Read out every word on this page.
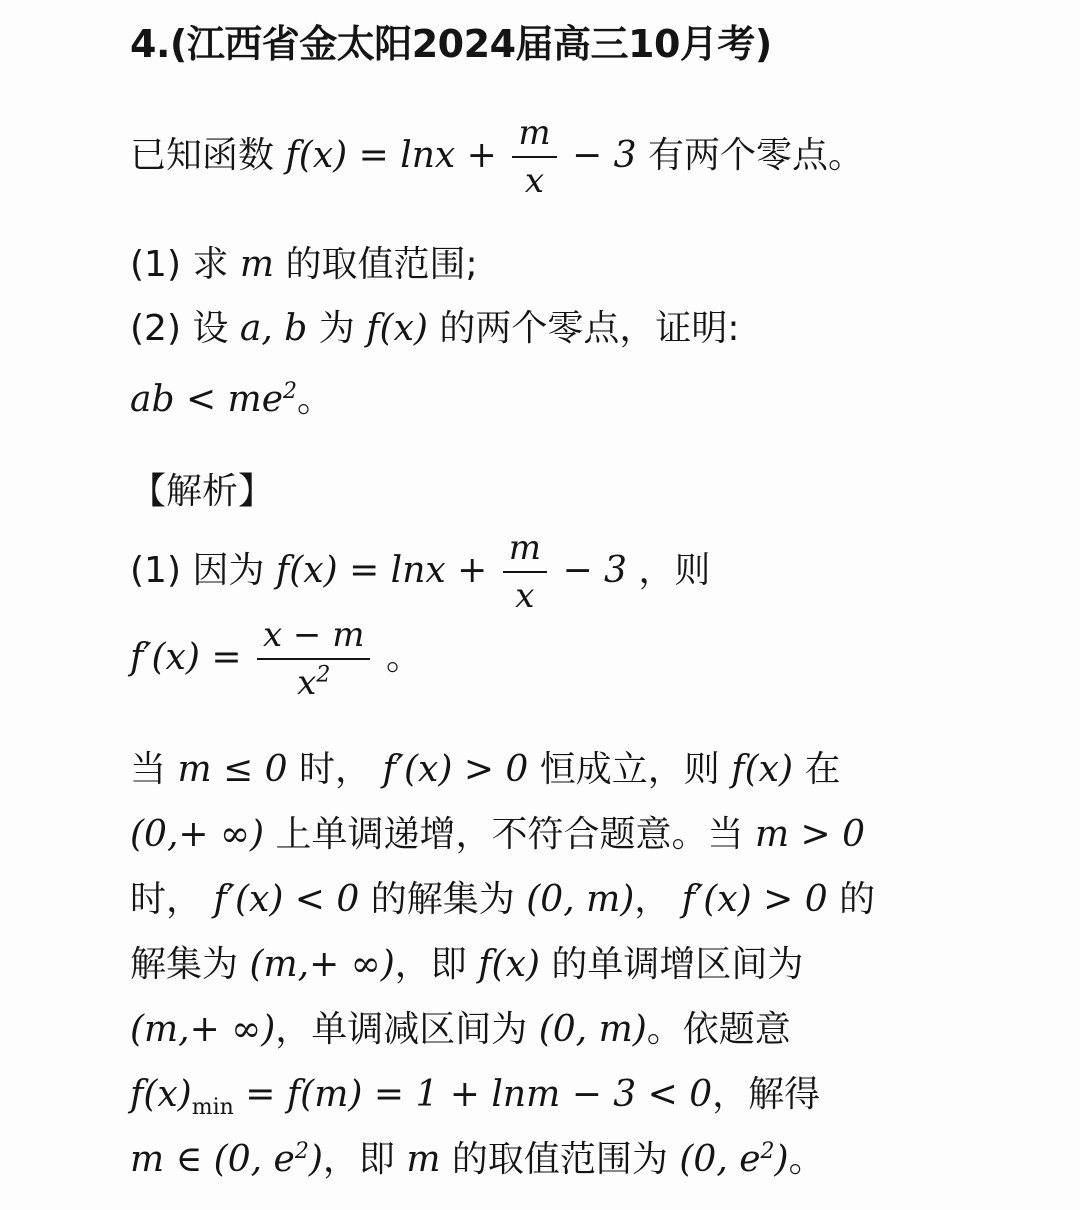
4.(江西省金太阳2024届高三10月考)
已知函数 $f(x) = \ln x + \frac{m}{x} - 3$ 有两个零点。
(1) 求 m 的取值范围;
(2) 设 a, b 为 f(x) 的两个零点，证明:
ab < $me^2$。
【解析】
(1) 因为 $f(x) = \ln x + \frac{m}{x} - 3$ ，则
$f'(x) = \frac{x - m}{x^2}$ 。
当 m ≤ 0 时， f′(x) > 0 恒成立，则 f(x) 在
(0,+ ∞) 上单调递增，不符合题意。当 m > 0
时， f′(x) < 0 的解集为 (0, m)， f′(x) > 0 的
解集为 (m,+ ∞)，即 f(x) 的单调增区间为
(m,+ ∞)，单调减区间为 (0, m)。依题意
$f(x)_{min} = f(m) = 1 + \ln m - 3 < 0$，解得
m ∈ (0, $e^2$)，即 m 的取值范围为 (0, $e^2$)。
